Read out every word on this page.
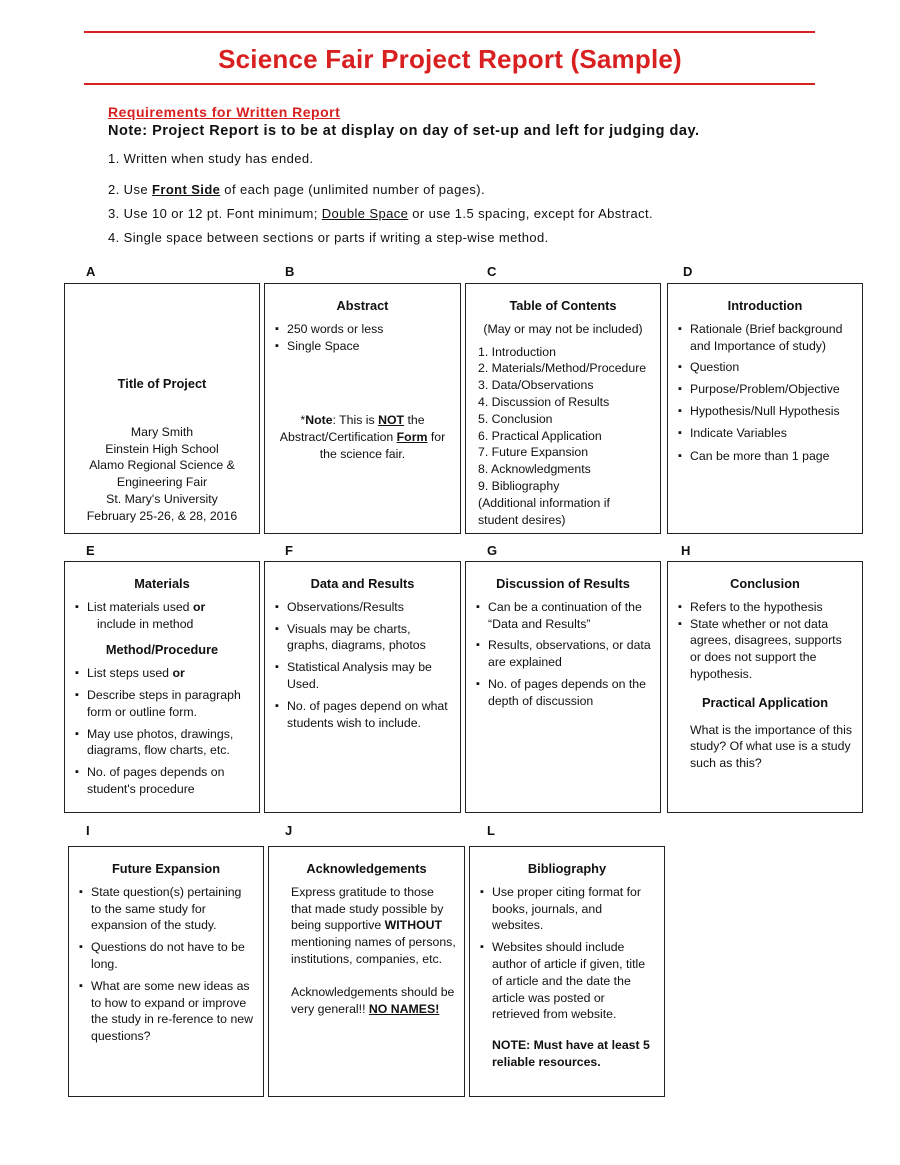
Science Fair Project Report (Sample)
Requirements for Written Report
Note: Project Report is to be at display on day of set-up and left for judging day.
1. Written when study has ended.
2. Use Front Side of each page (unlimited number of pages).
3. Use 10 or 12 pt. Font minimum; Double Space or use 1.5 spacing, except for Abstract.
4. Single space between sections or parts if writing a step-wise method.
A	B	C	D
E	F	G	H
I	J	L
Title of Project
Mary Smith
Einstein High School
Alamo Regional Science &
Engineering Fair
St. Mary's University
February 25-26, & 28, 2016
Abstract
▪ 250 words or less
▪ Single Space
*Note: This is NOT the Abstract/Certification Form for the science fair.
Table of Contents
(May or may not be included)
1. Introduction
2. Materials/Method/Procedure
3. Data/Observations
4. Discussion of Results
5. Conclusion
6. Practical Application
7. Future Expansion
8. Acknowledgments
9. Bibliography
(Additional information if student desires)
Introduction
▪ Rationale (Brief background and Importance of study)
▪ Question
▪ Purpose/Problem/Objective
▪ Hypothesis/Null Hypothesis
▪ Indicate Variables
▪ Can be more than 1 page
Materials
▪ List materials used or
include in method
Method/Procedure
▪ List steps used or
▪ Describe steps in paragraph form or outline form.
▪ May use photos, drawings, diagrams, flow charts, etc.
▪ No. of pages depends on student's procedure
Data and Results
▪ Observations/Results
▪ Visuals may be charts, graphs, diagrams, photos
▪ Statistical Analysis may be Used.
▪ No. of pages depend on what students wish to include.
Discussion of Results
▪ Can be a continuation of the “Data and Results”
▪ Results, observations, or data are explained
▪ No. of pages depends on the depth of discussion
Conclusion
▪ Refers to the hypothesis
▪ State whether or not data agrees, disagrees, supports or does not support the hypothesis.
Practical Application

What is the importance of this study? Of what use is a study such as this?

Future Expansion
▪ State question(s) pertaining to the same study for expansion of the study.
▪ Questions do not have to be long.
▪ What are some new ideas as to how to expand or improve the study in re-ference to new questions?
Acknowledgements

Express gratitude to those that made study possible by being supportive WITHOUT mentioning names of persons, institutions, companies, etc.

Acknowledgements should be very general!! NO NAMES!

Bibliography
▪ Use proper citing format for books, journals, and websites.
▪ Websites should include author of article if given, title of article and the date the article was posted or retrieved from website.

NOTE: Must have at least 5 reliable resources.
